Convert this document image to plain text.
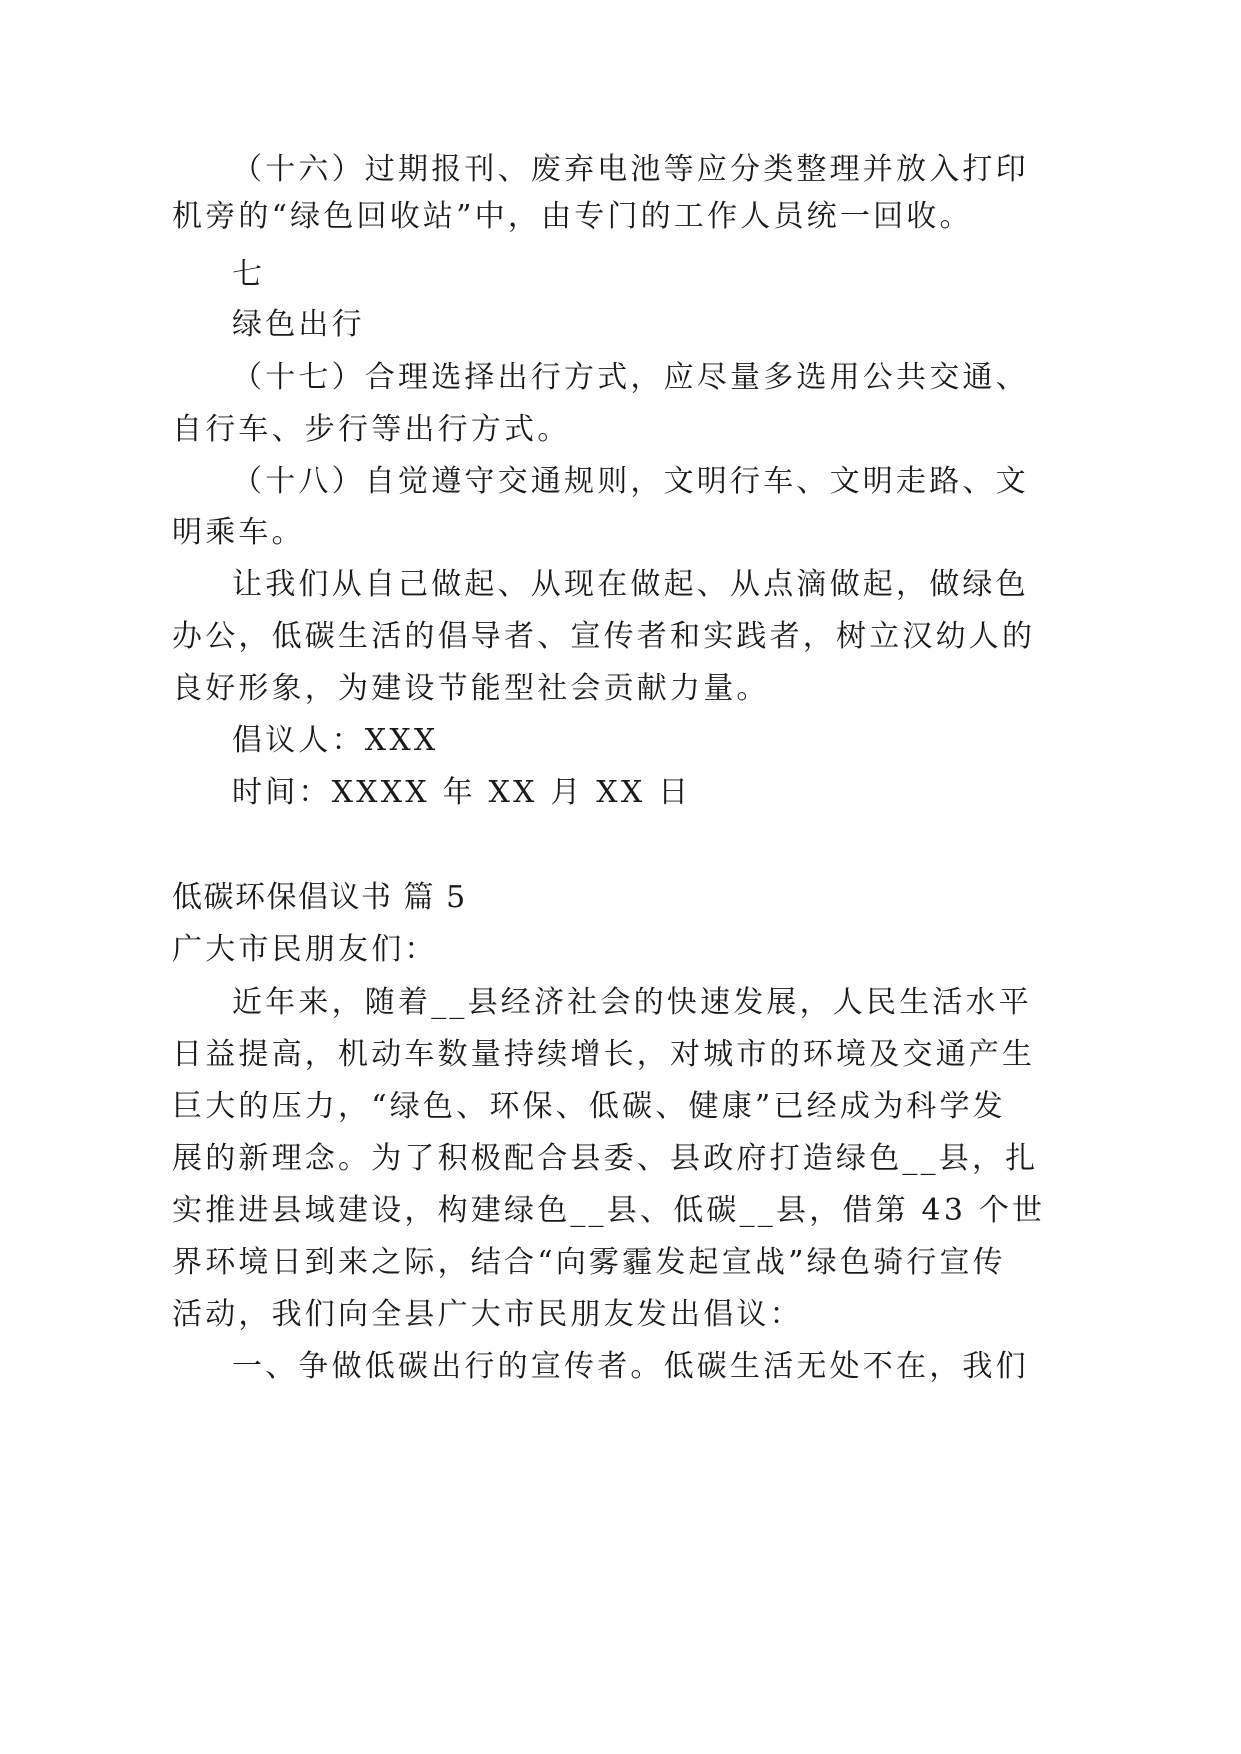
（十六）过期报刊、废弃电池等应分类整理并放入打印
机旁的“绿色回收站”中，由专门的工作人员统一回收。
七
绿色出行
（十七）合理选择出行方式，应尽量多选用公共交通、
自行车、步行等出行方式。
（十八）自觉遵守交通规则，文明行车、文明走路、文
明乘车。
让我们从自己做起、从现在做起、从点滴做起，做绿色
办公，低碳生活的倡导者、宣传者和实践者，树立汉幼人的
良好形象，为建设节能型社会贡献力量。
倡议人：XXX
时间：XXXX 年 XX 月 XX 日
低碳环保倡议书 篇 5
广大市民朋友们：
近年来，随着__县经济社会的快速发展，人民生活水平
日益提高，机动车数量持续增长，对城市的环境及交通产生
巨大的压力，“绿色、环保、低碳、健康”已经成为科学发
展的新理念。为了积极配合县委、县政府打造绿色__县，扎
实推进县域建设，构建绿色__县、低碳__县，借第 43 个世
界环境日到来之际，结合“向雾霾发起宣战”绿色骑行宣传
活动，我们向全县广大市民朋友发出倡议：
一、争做低碳出行的宣传者。低碳生活无处不在，我们
